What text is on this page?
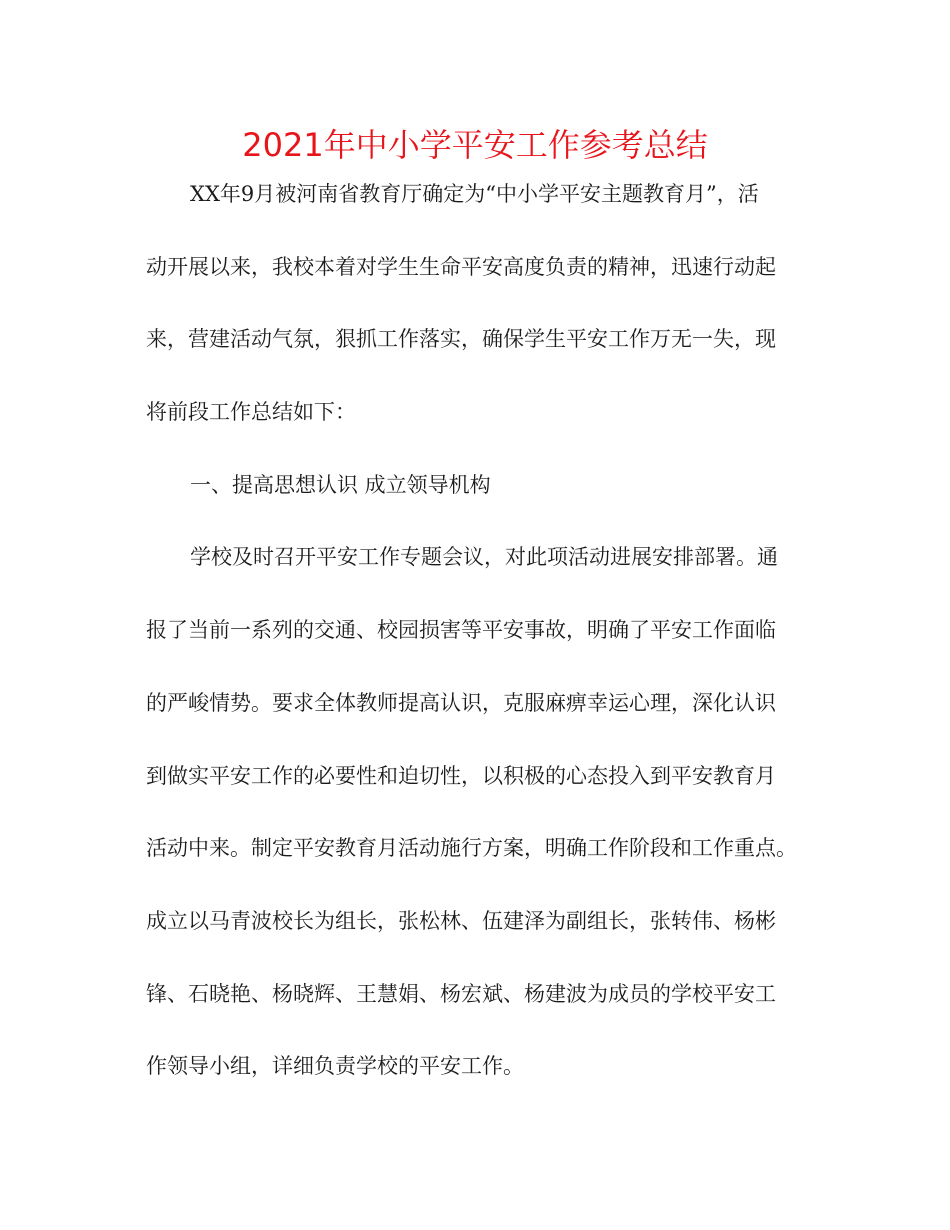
2021年中小学平安工作参考总结
XX年9月被河南省教育厅确定为“中小学平安主题教育月”，活
动开展以来，我校本着对学生生命平安高度负责的精神，迅速行动起
来，营建活动气氛，狠抓工作落实，确保学生平安工作万无一失，现
将前段工作总结如下：
一、提高思想认识 成立领导机构
学校及时召开平安工作专题会议，对此项活动进展安排部署。通
报了当前一系列的交通、校园损害等平安事故，明确了平安工作面临
的严峻情势。要求全体教师提高认识，克服麻痹幸运心理，深化认识
到做实平安工作的必要性和迫切性，以积极的心态投入到平安教育月
活动中来。制定平安教育月活动施行方案，明确工作阶段和工作重点。
成立以马青波校长为组长，张松林、伍建泽为副组长，张转伟、杨彬
锋、石晓艳、杨晓辉、王慧娟、杨宏斌、杨建波为成员的学校平安工
作领导小组，详细负责学校的平安工作。
